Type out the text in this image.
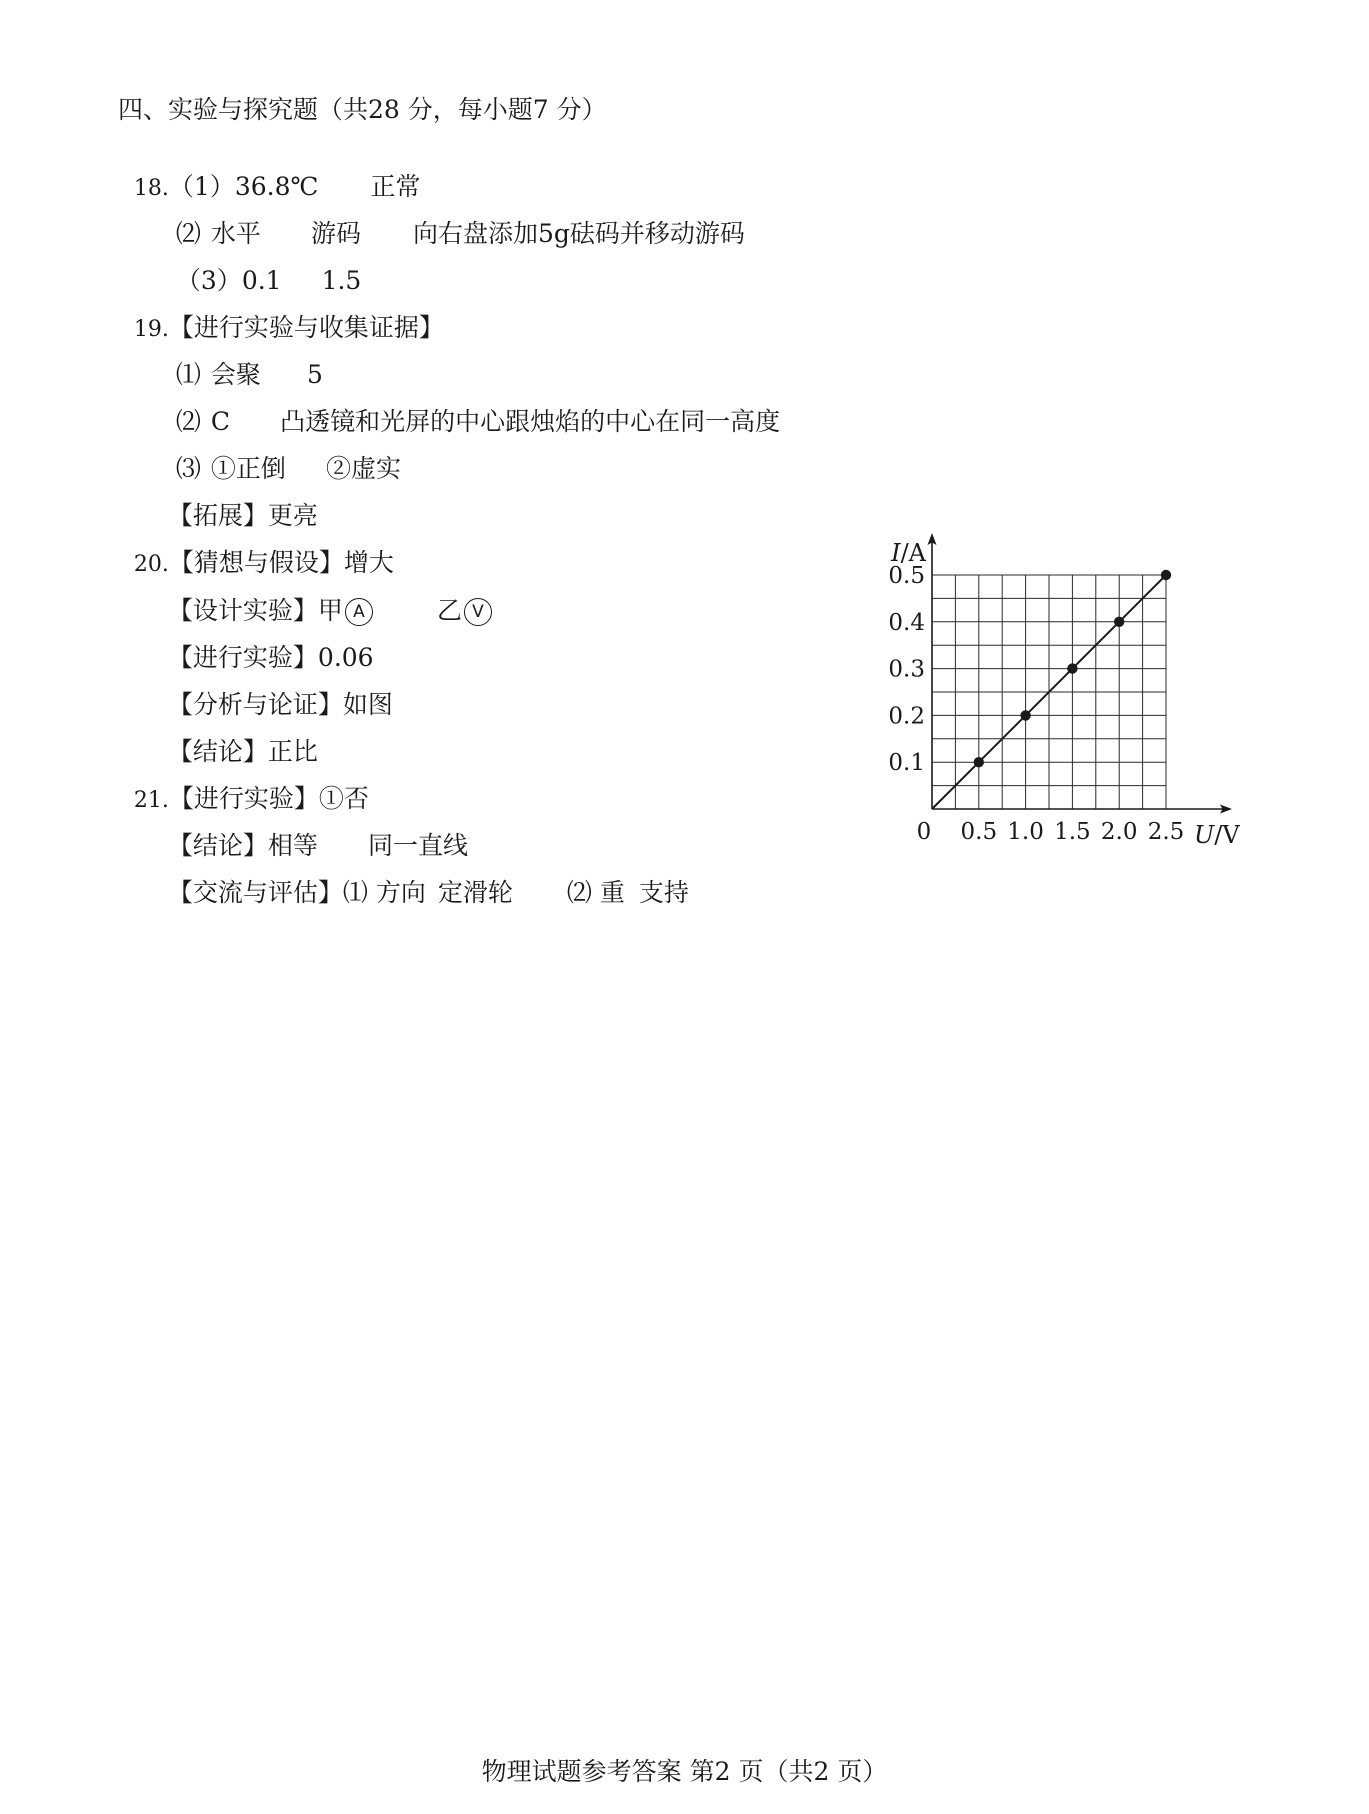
四、实验与探究题（共28 分，每小题7 分）

18.（1）36.8℃ 正常

⑵ 水平 游码 向右盘添加5g砝码并移动游码

（3）0.1 1.5

19.【进行实验与收集证据】

⑴ 会聚 5

⑵ C 凸透镜和光屏的中心跟烛焰的中心在同一高度

⑶ ①正倒 ②虚实

【拓展】更亮

20.【猜想与假设】增大

【设计实验】甲 A	乙 V

【进行实验】0.06

【分析与论证】如图

【结论】正比

21.【进行实验】①否

【结论】相等 同一直线

【交流与评估】⑴ 方向 定滑轮 ⑵ 重 支持

0.1
0.2
0.3
0.4
0.5
0.5 1.0 1.5 2.0 2.5
0
I/A
U/V
物理试题参考答案 第2 页（共2 页）
